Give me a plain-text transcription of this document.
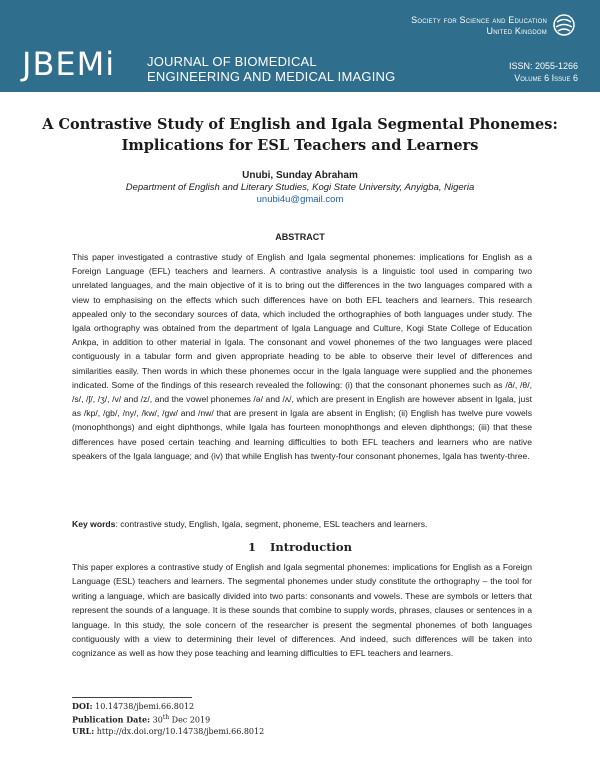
Society for Science and Education
United Kingdom
JBEMi JOURNAL OF BIOMEDICAL
ENGINEERING AND MEDICAL IMAGING
ISSN: 2055-1266
Volume 6 Issue 6
A Contrastive Study of English and Igala Segmental Phonemes:
Implications for ESL Teachers and Learners
Unubi, Sunday Abraham
Department of English and Literary Studies, Kogi State University, Anyigba, Nigeria
unubi4u@gmail.com
ABSTRACT

This paper investigated a contrastive study of English and Igala segmental phonemes: implications for English as a Foreign Language (EFL) teachers and learners. A contrastive analysis is a linguistic tool used in comparing two unrelated languages, and the main objective of it is to bring out the differences in the two languages compared with a view to emphasising on the effects which such differences have on both EFL teachers and learners. This research appealed only to the secondary sources of data, which included the orthographies of both languages under study. The Igala orthography was obtained from the department of Igala Language and Culture, Kogi State College of Education Ankpa, in addition to other material in Igala. The consonant and vowel phonemes of the two languages were placed contiguously in a tabular form and given appropriate heading to be able to observe their level of differences and similarities easily. Then words in which these phonemes occur in the Igala language were supplied and the phonemes indicated. Some of the findings of this research revealed the following: (i) that the consonant phonemes such as /ð/, /θ/, /s/, /ʃ/, /ʒ/, /v/ and /z/, and the vowel phonemes /ə/ and /ʌ/, which are present in English are however absent in Igala, just as /kp/, /gb/, /ny/, /kw/, /gw/ and /nw/ that are present in Igala are absent in English; (ii) English has twelve pure vowels (monophthongs) and eight diphthongs, while Igala has fourteen monophthongs and eleven diphthongs; (iii) that these differences have posed certain teaching and learning difficulties to both EFL teachers and learners who are native speakers of the Igala language; and (iv) that while English has twenty-four consonant phonemes, Igala has twenty-three.

Key words: contrastive study, English, Igala, segment, phoneme, ESL teachers and learners.
1 Introduction

This paper explores a contrastive study of English and Igala segmental phonemes: implications for English as a Foreign Language (ESL) teachers and learners. The segmental phonemes under study constitute the orthography – the tool for writing a language, which are basically divided into two parts: consonants and vowels. These are symbols or letters that represent the sounds of a language. It is these sounds that combine to supply words, phrases, clauses or sentences in a language. In this study, the sole concern of the researcher is present the segmental phonemes of both languages contiguously with a view to determining their level of differences. And indeed, such differences will be taken into cognizance as well as how they pose teaching and learning difficulties to EFL teachers and learners.

DOI: 10.14738/jbemi.66.8012
Publication Date: 30th Dec 2019
URL: http://dx.doi.org/10.14738/jbemi.66.8012
